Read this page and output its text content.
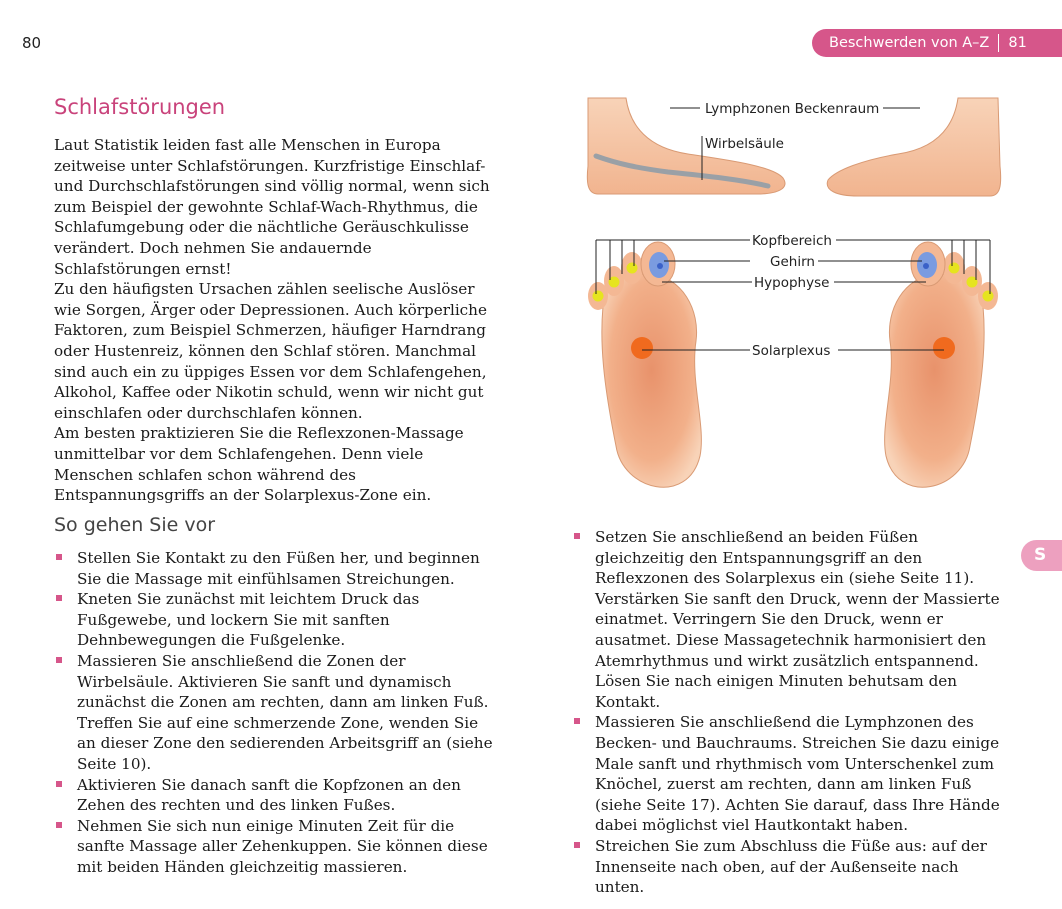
80	Beschwerden von A–Z 81
S
Schlafstörungen

Laut Statistik leiden fast alle Menschen in Europa zeitweise unter Schlafstörungen. Kurzfristige Einschlaf- und Durchschlafstörungen sind völlig normal, wenn sich zum Beispiel der gewohnte Schlaf-Wach-Rhythmus, die Schlafumgebung oder die nächtliche Geräuschkulisse verändert. Doch nehmen Sie andauernde Schlafstörungen ernst!

Zu den häufigsten Ursachen zählen seelische Auslöser wie Sorgen, Ärger oder Depressionen. Auch körperliche Faktoren, zum Beispiel Schmerzen, häufiger Harndrang oder Hustenreiz, können den Schlaf stören. Manchmal sind auch ein zu üppiges Essen vor dem Schlafengehen, Alkohol, Kaffee oder Nikotin schuld, wenn wir nicht gut einschlafen oder durchschlafen können.

Am besten praktizieren Sie die Reflexzonen-Massage unmittelbar vor dem Schlafengehen. Denn viele Menschen schlafen schon während des Entspannungsgriffs an der Solarplexus-Zone ein.

So gehen Sie vor
Stellen Sie Kontakt zu den Füßen her, und beginnen Sie die Massage mit einfühlsamen Streichungen.
Kneten Sie zunächst mit leichtem Druck das Fußgewebe, und lockern Sie mit sanften Dehnbewegungen die Fußgelenke.
Massieren Sie anschließend die Zonen der Wirbelsäule. Aktivieren Sie sanft und dynamisch zunächst die Zonen am rechten, dann am linken Fuß. Treffen Sie auf eine schmerzende Zone, wenden Sie an dieser Zone den sedierenden Arbeitsgriff an (siehe Seite 10).
Aktivieren Sie danach sanft die Kopfzonen an den Zehen des rechten und des linken Fußes.
Nehmen Sie sich nun einige Minuten Zeit für die sanfte Massage aller Zehenkuppen. Sie können diese mit beiden Händen gleichzeitig massieren.
Setzen Sie anschließend an beiden Füßen gleichzeitig den Entspannungsgriff an den Reflexzonen des Solarplexus ein (siehe Seite 11). Verstärken Sie sanft den Druck, wenn der Massierte einatmet. Verringern Sie den Druck, wenn er ausatmet. Diese Massagetechnik harmonisiert den Atemrhythmus und wirkt zusätzlich entspannend. Lösen Sie nach einigen Minuten behutsam den Kontakt.
Massieren Sie anschließend die Lymphzonen des Becken- und Bauchraums. Streichen Sie dazu einige Male sanft und rhythmisch vom Unterschenkel zum Knöchel, zuerst am rechten, dann am linken Fuß (siehe Seite 17). Achten Sie darauf, dass Ihre Hände dabei möglichst viel Hautkontakt haben.
Streichen Sie zum Abschluss die Füße aus: auf der Innenseite nach oben, auf der Außenseite nach unten.
Lymphzonen Beckenraum
Wirbelsäule
Kopfbereich
Gehirn
Hypophyse
Solarplexus
